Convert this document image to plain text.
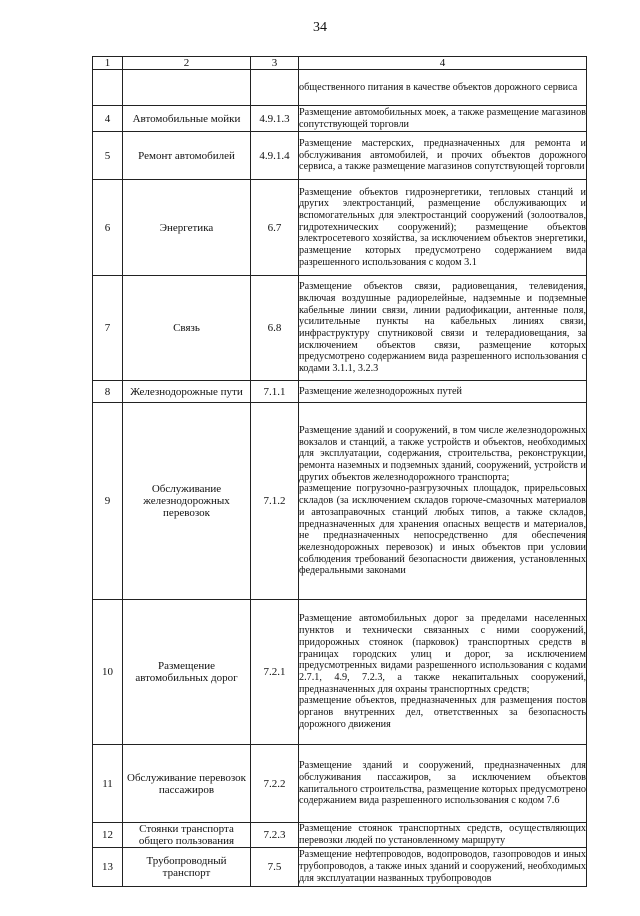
34
1	2	3	4

			общественного питания в качестве объектов дорожного сервиса

4	Автомобильные мойки	4.9.1.3	Размещение автомобильных моек, а также размещение магазинов сопутствующей торговли

5	Ремонт автомобилей	4.9.1.4	Размещение мастерских, предназначенных для ремонта и обслуживания автомобилей, и прочих объектов дорожного сервиса, а также размещение магазинов сопутствующей торговли

6	Энергетика	6.7	Размещение объектов гидроэнергетики, тепловых станций и других электростанций, размещение обслуживающих и вспомогательных для электростанций сооружений (золоотвалов, гидротехнических сооружений); размещение объектов электросетевого хозяйства, за исключением объектов энергетики, размещение которых предусмотрено содержанием вида разрешенного использования с кодом 3.1

7	Связь	6.8	Размещение объектов связи, радиовещания, телевидения, включая воздушные радиорелейные, надземные и подземные кабельные линии связи, линии радиофикации, антенные поля, усилительные пункты на кабельных линиях связи, инфраструктуру спутниковой связи и телерадиовещания, за исключением объектов связи, размещение которых предусмотрено содержанием вида разрешенного использования с кодами 3.1.1, 3.2.3

8	Железнодорожные пути	7.1.1	Размещение железнодорожных путей

9	Обслуживание железнодорожных перевозок	7.1.2	Размещение зданий и сооружений, в том числе железнодорожных вокзалов и станций, а также устройств и объектов, необходимых для эксплуатации, содержания, строительства, реконструкции, ремонта наземных и подземных зданий, сооружений, устройств и других объектов железнодорожного транспорта;
размещение погрузочно-разгрузочных площадок, прирельсовых складов (за исключением складов горюче-смазочных материалов и автозаправочных станций любых типов, а также складов, предназначенных для хранения опасных веществ и материалов, не предназначенных непосредственно для обеспечения железнодорожных перевозок) и иных объектов при условии соблюдения требований безопасности движения, установленных федеральными законами

10	Размещение автомобильных дорог	7.2.1	Размещение автомобильных дорог за пределами населенных пунктов и технически связанных с ними сооружений, придорожных стоянок (парковок) транспортных средств в границах городских улиц и дорог, за исключением предусмотренных видами разрешенного использования с кодами 2.7.1, 4.9, 7.2.3, а также некапитальных сооружений, предназначенных для охраны транспортных средств;
размещение объектов, предназначенных для размещения постов органов внутренних дел, ответственных за безопасность дорожного движения

11	Обслуживание перевозок пассажиров	7.2.2	Размещение зданий и сооружений, предназначенных для обслуживания пассажиров, за исключением объектов капитального строительства, размещение которых предусмотрено содержанием вида разрешенного использования с кодом 7.6

12	Стоянки транспорта общего пользования	7.2.3	Размещение стоянок транспортных средств, осуществляющих перевозки людей по установленному маршруту

13	Трубопроводный транспорт	7.5	Размещение нефтепроводов, водопроводов, газопроводов и иных трубопроводов, а также иных зданий и сооружений, необходимых для эксплуатации названных трубопроводов
